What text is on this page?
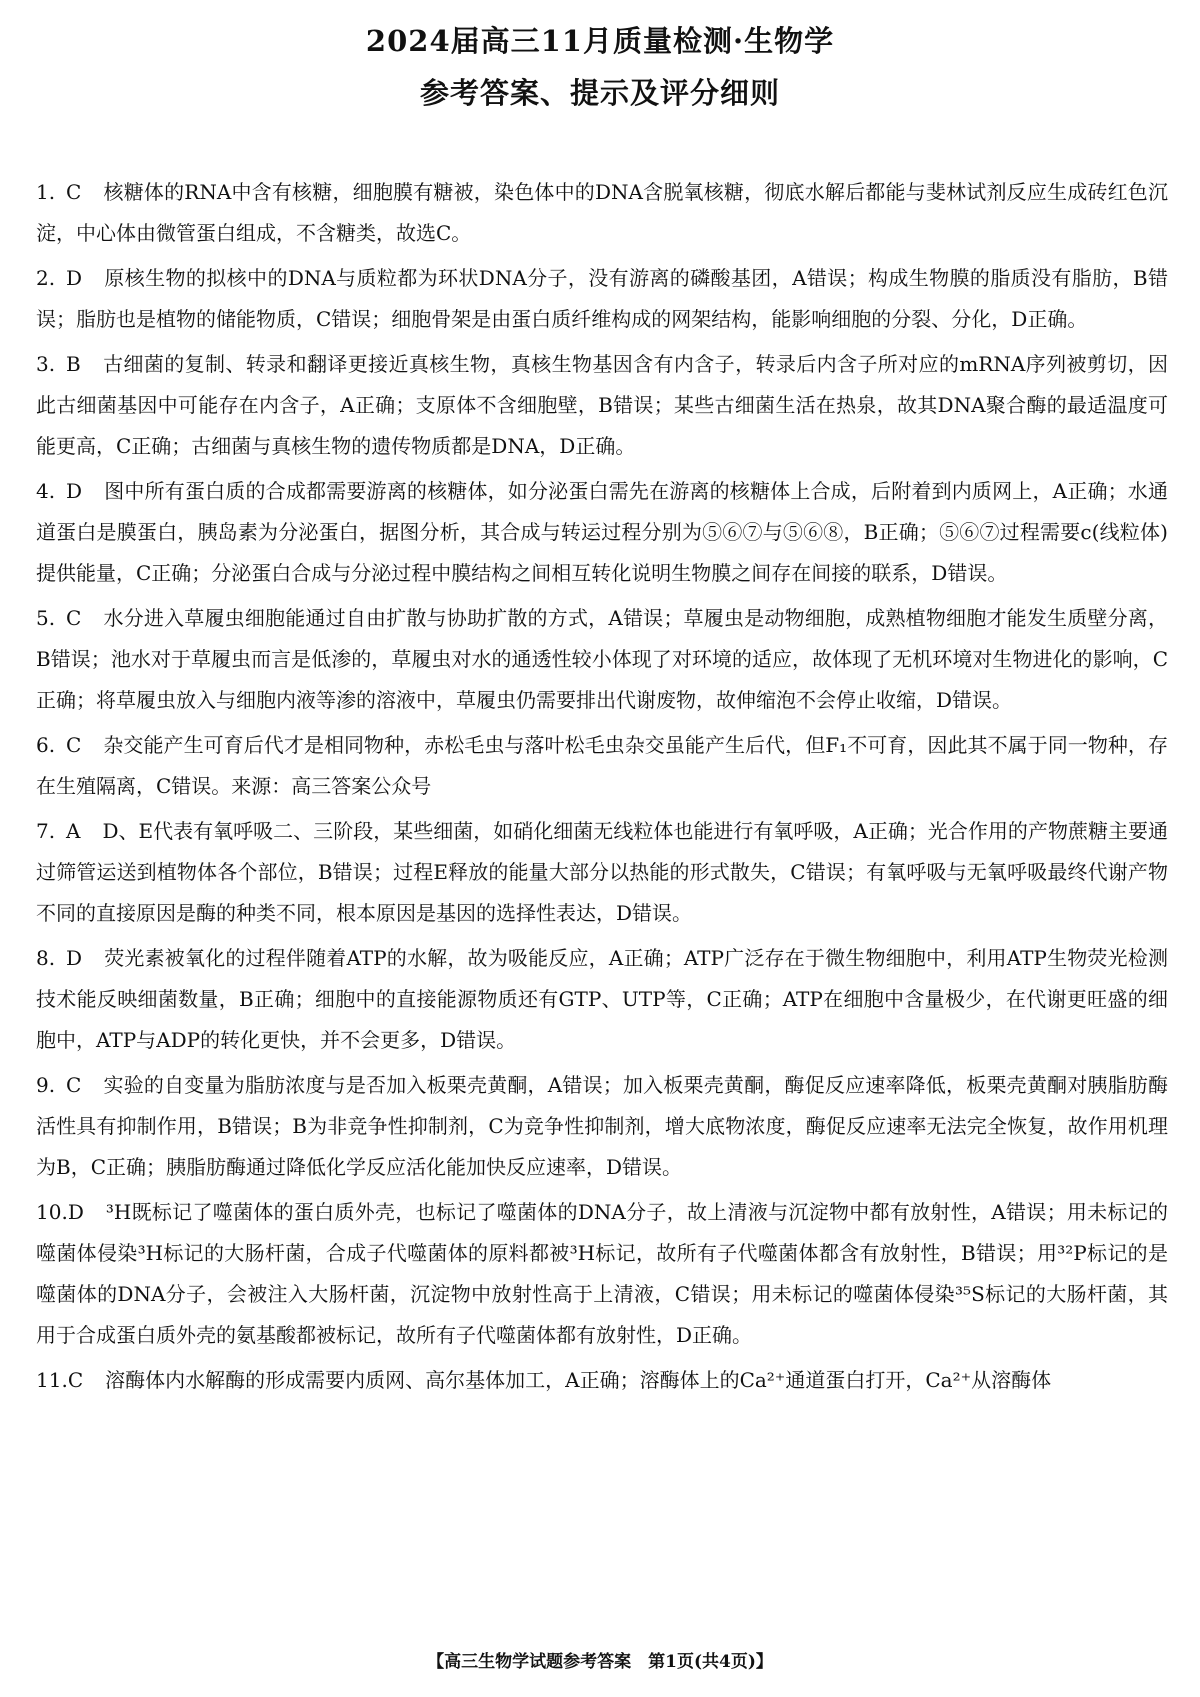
2024届高三11月质量检测·生物学
参考答案、提示及评分细则
1. C 核糖体的RNA中含有核糖，细胞膜有糖被，染色体中的DNA含脱氧核糖，彻底水解后都能与斐林试剂反应生成砖红色沉淀，中心体由微管蛋白组成，不含糖类，故选C。
2. D 原核生物的拟核中的DNA与质粒都为环状DNA分子，没有游离的磷酸基团，A错误；构成生物膜的脂质没有脂肪，B错误；脂肪也是植物的储能物质，C错误；细胞骨架是由蛋白质纤维构成的网架结构，能影响细胞的分裂、分化，D正确。
3. B 古细菌的复制、转录和翻译更接近真核生物，真核生物基因含有内含子，转录后内含子所对应的mRNA序列被剪切，因此古细菌基因中可能存在内含子，A正确；支原体不含细胞壁，B错误；某些古细菌生活在热泉，故其DNA聚合酶的最适温度可能更高，C正确；古细菌与真核生物的遗传物质都是DNA，D正确。
4. D 图中所有蛋白质的合成都需要游离的核糖体，如分泌蛋白需先在游离的核糖体上合成，后附着到内质网上，A正确；水通道蛋白是膜蛋白，胰岛素为分泌蛋白，据图分析，其合成与转运过程分别为⑤⑥⑦与⑤⑥⑧，B正确；⑤⑥⑦过程需要c(线粒体)提供能量，C正确；分泌蛋白合成与分泌过程中膜结构之间相互转化说明生物膜之间存在间接的联系，D错误。
5. C 水分进入草履虫细胞能通过自由扩散与协助扩散的方式，A错误；草履虫是动物细胞，成熟植物细胞才能发生质壁分离，B错误；池水对于草履虫而言是低渗的，草履虫对水的通透性较小体现了对环境的适应，故体现了无机环境对生物进化的影响，C正确；将草履虫放入与细胞内液等渗的溶液中，草履虫仍需要排出代谢废物，故伸缩泡不会停止收缩，D错误。
6. C 杂交能产生可育后代才是相同物种，赤松毛虫与落叶松毛虫杂交虽能产生后代，但F₁不可育，因此其不属于同一物种，存在生殖隔离，C错误。来源：高三答案公众号
7. A D、E代表有氧呼吸二、三阶段，某些细菌，如硝化细菌无线粒体也能进行有氧呼吸，A正确；光合作用的产物蔗糖主要通过筛管运送到植物体各个部位，B错误；过程E释放的能量大部分以热能的形式散失，C错误；有氧呼吸与无氧呼吸最终代谢产物不同的直接原因是酶的种类不同，根本原因是基因的选择性表达，D错误。
8. D 荧光素被氧化的过程伴随着ATP的水解，故为吸能反应，A正确；ATP广泛存在于微生物细胞中，利用ATP生物荧光检测技术能反映细菌数量，B正确；细胞中的直接能源物质还有GTP、UTP等，C正确；ATP在细胞中含量极少，在代谢更旺盛的细胞中，ATP与ADP的转化更快，并不会更多，D错误。
9. C 实验的自变量为脂肪浓度与是否加入板栗壳黄酮，A错误；加入板栗壳黄酮，酶促反应速率降低，板栗壳黄酮对胰脂肪酶活性具有抑制作用，B错误；B为非竞争性抑制剂，C为竞争性抑制剂，增大底物浓度，酶促反应速率无法完全恢复，故作用机理为B，C正确；胰脂肪酶通过降低化学反应活化能加快反应速率，D错误。
10.D ³H既标记了噬菌体的蛋白质外壳，也标记了噬菌体的DNA分子，故上清液与沉淀物中都有放射性，A错误；用未标记的噬菌体侵染³H标记的大肠杆菌，合成子代噬菌体的原料都被³H标记，故所有子代噬菌体都含有放射性，B错误；用³²P标记的是噬菌体的DNA分子，会被注入大肠杆菌，沉淀物中放射性高于上清液，C错误；用未标记的噬菌体侵染³⁵S标记的大肠杆菌，其用于合成蛋白质外壳的氨基酸都被标记，故所有子代噬菌体都有放射性，D正确。
11.C 溶酶体内水解酶的形成需要内质网、高尔基体加工，A正确；溶酶体上的Ca²⁺通道蛋白打开，Ca²⁺从溶酶体
【高三生物学试题参考答案　第1页(共4页)】
